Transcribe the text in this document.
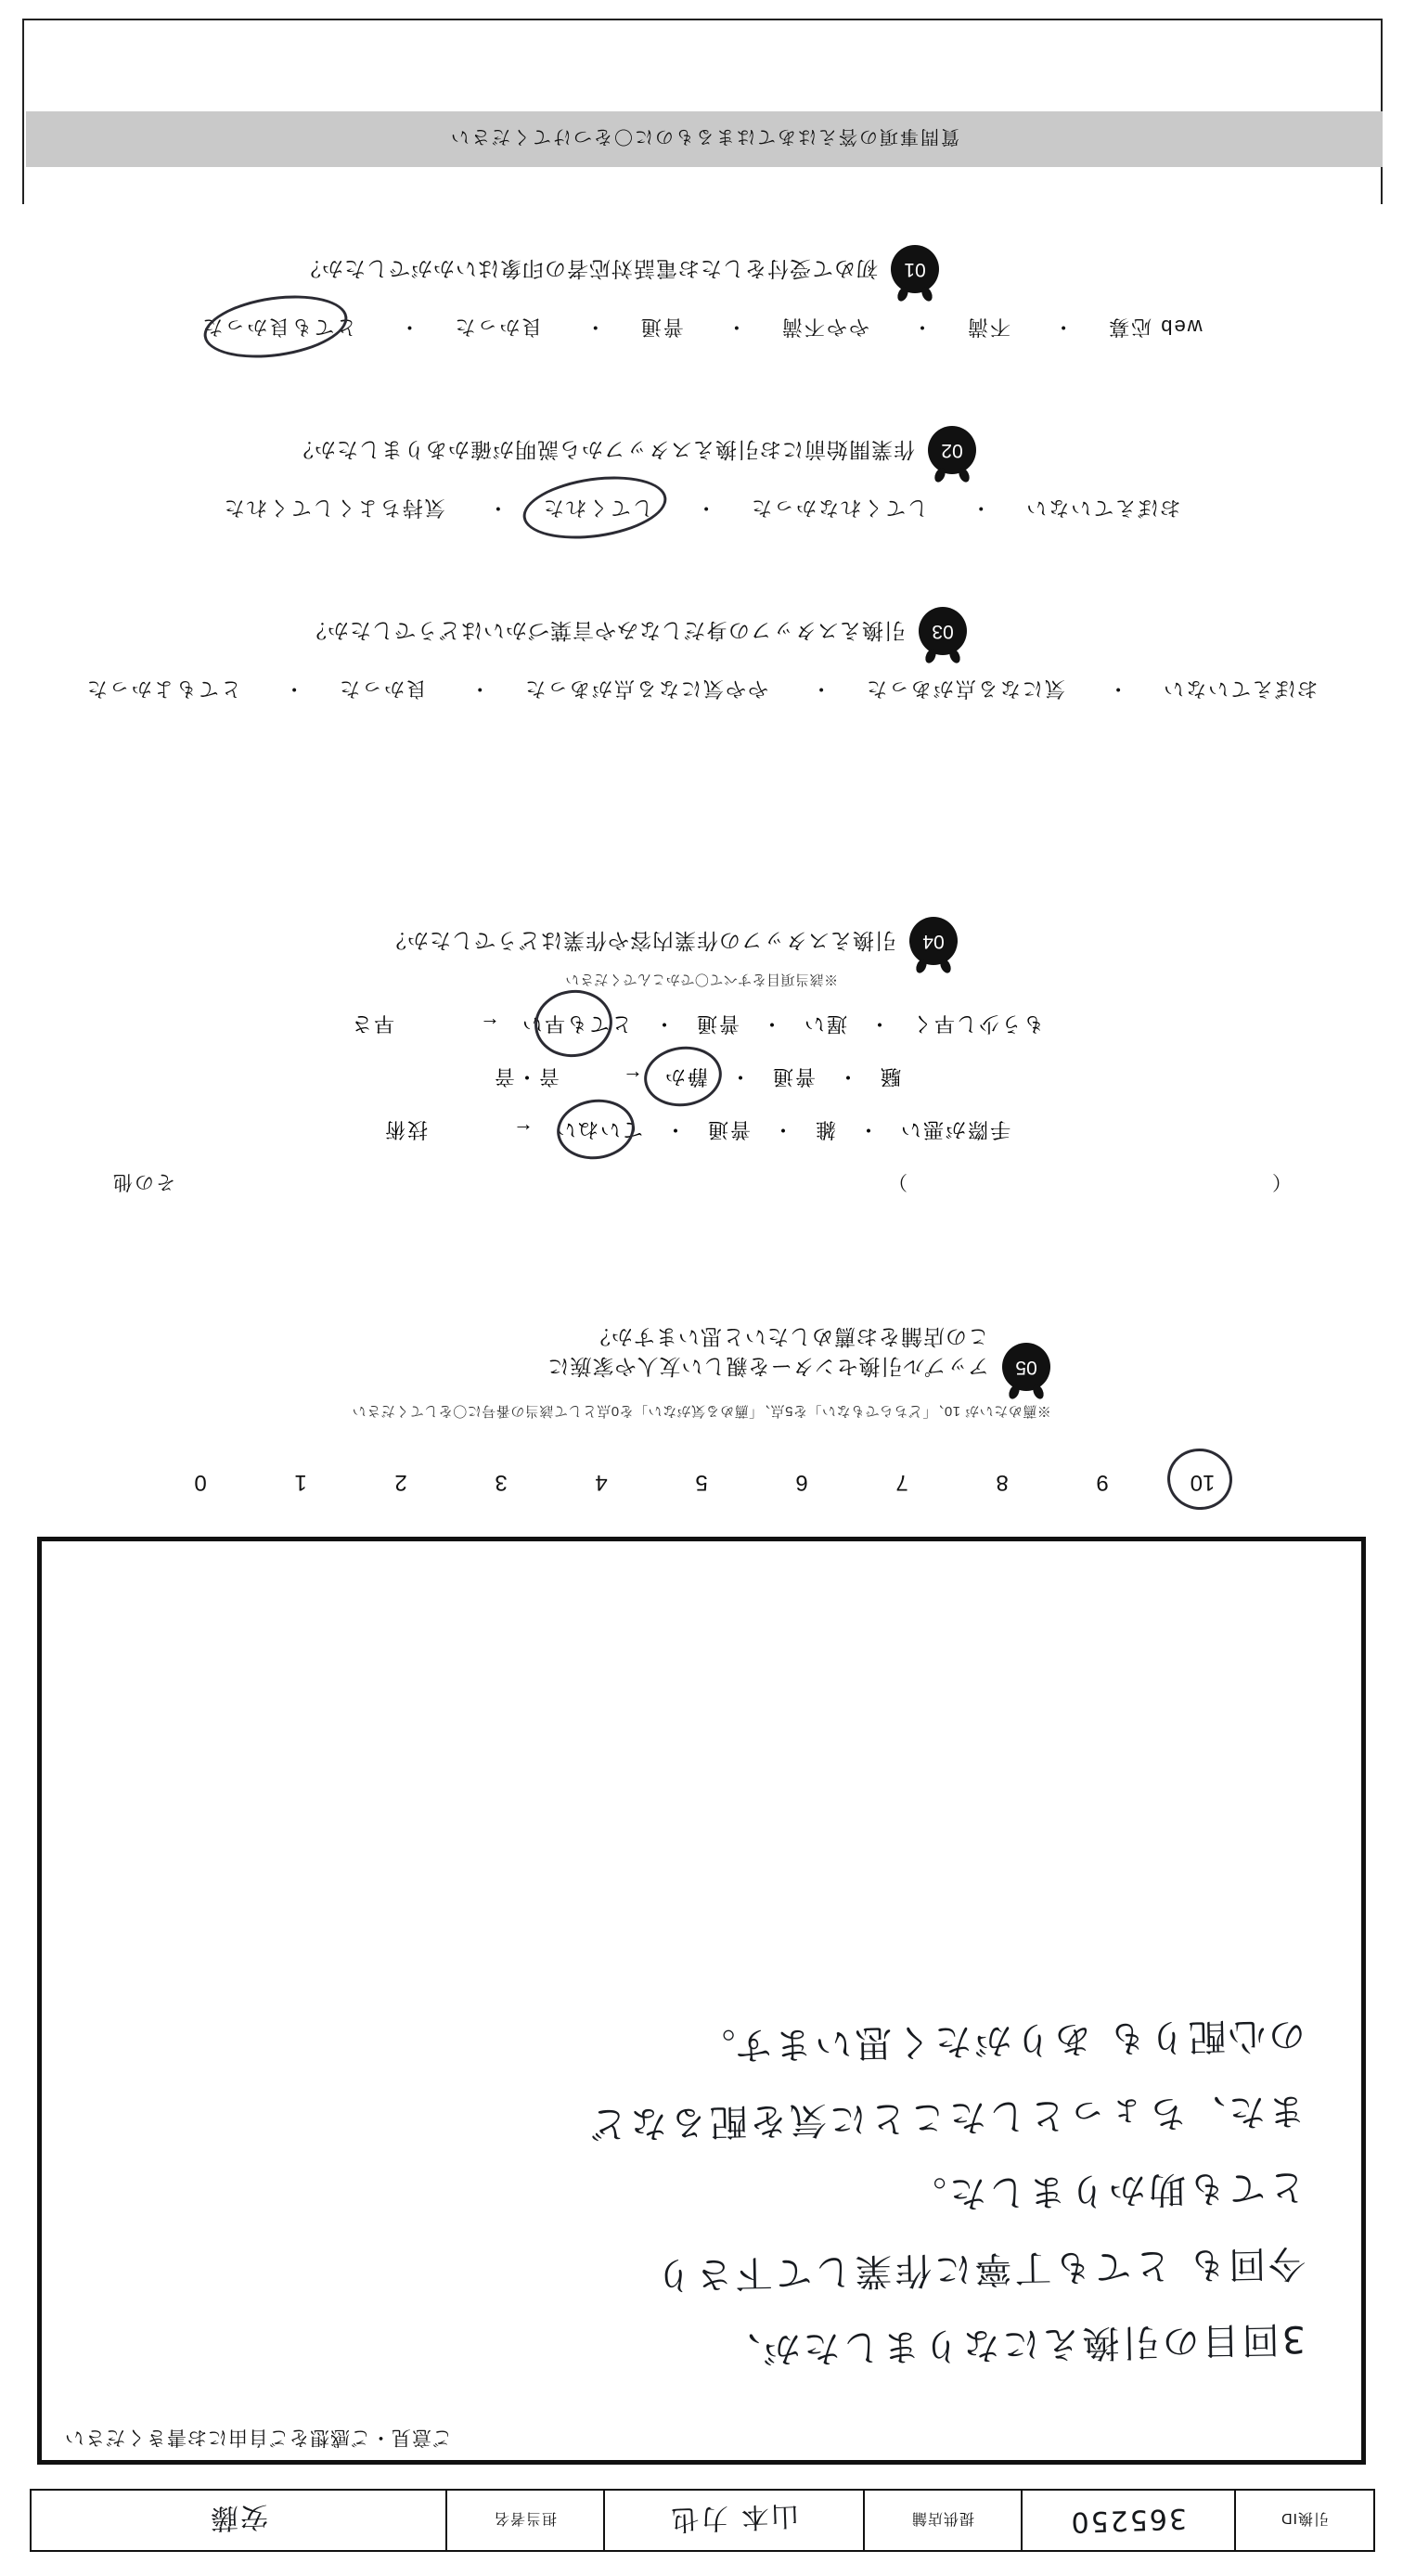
引換ID
365250
提供店舗
山本 力也
担当者名
安藤
ご意見・ご感想をご自由にお書きください
3回目の引換えになりましたが、
今回も とても丁寧に作業して下さり
とても助かりました。
また、ちょっとしたことに気を配るなど
の心配りも ありがたく思います。
10
9
8
7
6
5
4
3
2
1
0
※薦めたいが 10、「どちらでもない」を5点、「薦める気がない」を0点として該当の番号に〇をしてください
05
アップル引換センターを親しい友人や家族に
この店舗をお薦めしたいと思いますか？
（　　　　　　　　　　　　　　　　　）
その他
手際が悪い
・
雑
・
普通
・
ていねい
←
技術
騒
・
普通
・
静か
←
音・音
もう少し早く
・
遅い
・
普通
・
とても早い
←
早さ
※該当項目をすべて〇でかこんでください
04
引換えスタッフの作業内容や作業はどうでしたか？
おぼえていない・ 気になる点があった・ やや気になる点があった・ 良かった・ とてもよかった
03
引換えスタッフの身だしなみや言葉づかいはどうでしたか？
おぼえていない・ してくれなかった・ してくれた・ 気持ちよくしてくれた
02
作業開始前にお引換えスタッフから説明が確かありましたか？
web 応募・ 不満・ やや不満・ 普通・ 良かった・ とても良かった
01
初めて受付をしたお電話対応者の印象はいかがでしたか？
質問事項の答えはあてはまるものに〇をつけてください
